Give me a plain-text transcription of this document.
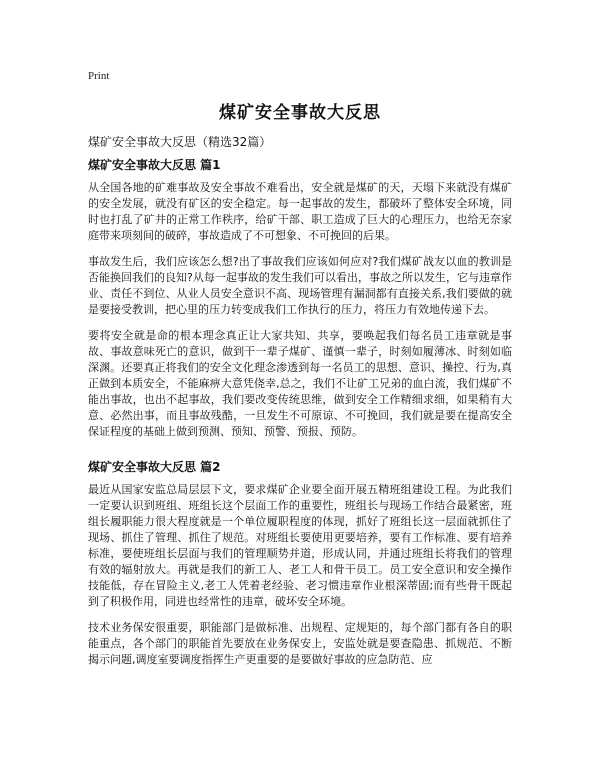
Print
煤矿安全事故大反思

煤矿安全事故大反思（精选32篇）

煤矿安全事故大反思 篇1

从全国各地的矿难事故及安全事故不难看出，安全就是煤矿的天，天塌下来就没有煤矿的安全发展，就没有矿区的安全稳定。每一起事故的发生，都破坏了整体安全环境，同时也打乱了矿井的正常工作秩序，给矿干部、职工造成了巨大的心理压力，也给无奈家庭带来项刻间的破碎，事故造成了不可想象、不可挽回的后果。

事故发生后，我们应该怎么想?出了事故我们应该如何应对?我们煤矿战友以血的教训是否能换回我们的良知?从每一起事故的发生我们可以看出，事故之所以发生，它与违章作业、责任不到位、从业人员安全意识不高、现场管理有漏洞都有直接关系,我们要做的就是要接受教训，把心里的压力转变成我们工作执行的压力，将压力有效地传递下去。

要将安全就是命的根本理念真正让大家共知、共享，要唤起我们每名员工违章就是事故、事故意味死亡的意识，做到干一辈子煤矿、谨慎一辈子，时刻如履薄冰、时刻如临深渊。还要真正将我们的安全文化理念渗透到每一名员工的思想、意识、操控、行为,真正做到本质安全，不能麻痹大意凭侥幸,总之，我们不让矿工兄弟的血白流，我们煤矿不能出事故，也出不起事故，我们要改变传统思维，做到安全工作精细求细，如果稍有大意、必然出事，而且事故残酷，一旦发生不可原谅、不可挽回，我们就是要在提高安全保证程度的基础上做到预测、预知、预警、预报、预防。

煤矿安全事故大反思 篇2

最近从国家安监总局层层下文，要求煤矿企业要全面开展五精班组建设工程。为此我们一定要认识到班组、班组长这个层面工作的重要性，班组长与现场工作结合最紧密，班组长履职能力很大程度就是一个单位履职程度的体现，抓好了班组长这一层面就抓住了现场、抓住了管理、抓住了规范。对班组长要使用更要培养，要有工作标准、要有培养标准，要使班组长层面与我们的管理顺势并道，形成认同，并通过班组长将我们的管理有效的辐射放大。再就是我们的新工人、老工人和骨干员工。员工安全意识和安全操作技能低，存在冒险主义,老工人凭着老经验、老习惯违章作业根深蒂固;而有些骨干既起到了积极作用，同进也经常性的违章，破坏安全环境。

技术业务保安很重要，职能部门是做标准、出规程、定规矩的，每个部门都有各自的职能重点，各个部门的职能首先要放在业务保安上，安监处就是要查隐患、抓规范、不断揭示问题,调度室要调度指挥生产更重要的是要做好事故的应急防范、应
